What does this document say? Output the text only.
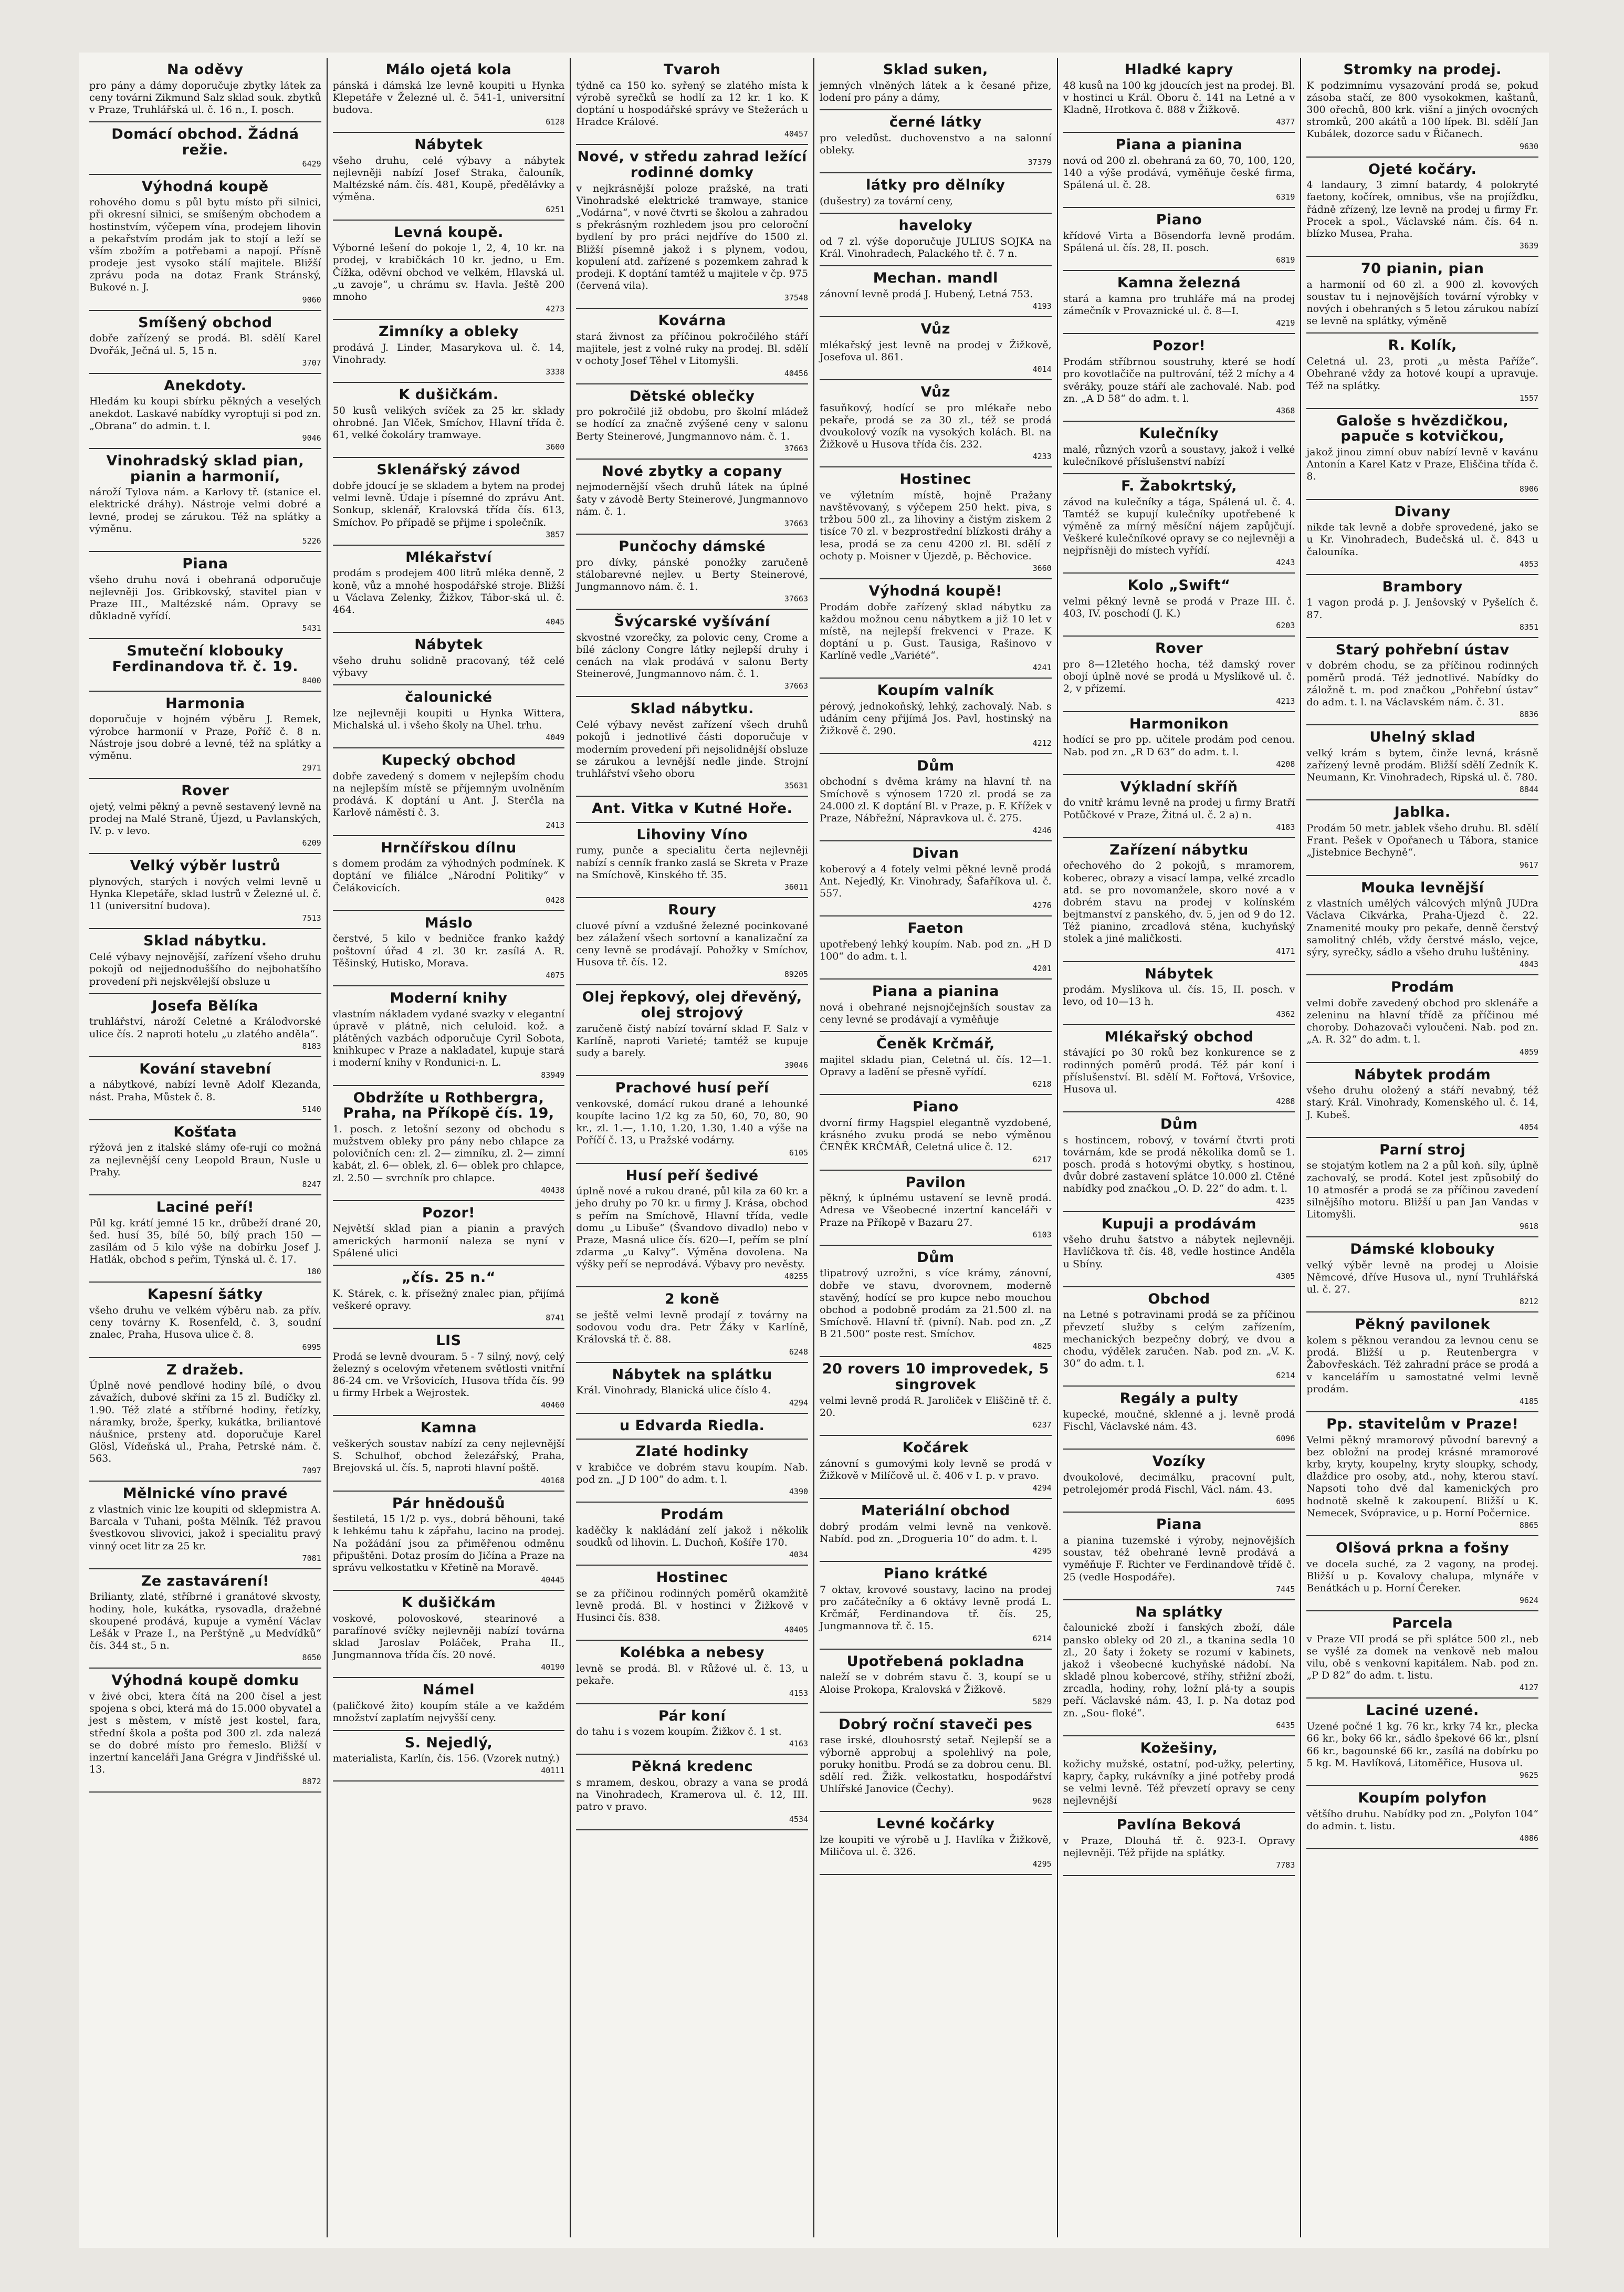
Na oděvy
pro pány a dámy doporučuje zbytky látek za ceny továrni Zikmund Salz sklad souk. zbytků v Praze, Truhlářská ul. č. 16 n., I. posch.
Domácí obchod. Žádná režie.
6429
Výhodná koupě
rohového domu s půl bytu místo při silnici, při okresní silnici, se smíšeným obchodem a hostinstvím, výčepem vína, prodejem lihovin a pekařstvím prodám jak to stojí a leží se vším zbožím a potřebami a napojí. Přísně prodeje jest vysoko stálí majitele. Bližší zprávu poda na dotaz Frank Stránský, Bukové n. J.
9060
Smíšený obchod
dobře zařízený se prodá. Bl. sdělí Karel Dvořák, Ječná ul. 5, 15 n.
3707
Anekdoty.
Hledám ku koupi sbírku pěkných a veselých anekdot. Laskavé nabídky vyroptuji si pod zn. „Obrana“ do admin. t. l.
9046
Vinohradský sklad pian, pianin a harmonií,
nároží Tylova nám. a Karlovy tř. (stanice el. elektrické dráhy). Nástroje velmi dobré a levné, prodej se zárukou. Též na splátky a výměnu.
5226
Piana
všeho druhu nová i obehraná odporučuje nejlevněji Jos. Gribkovský, stavitel pian v Praze III., Maltézské nám. Opravy se důkladně vyřídí.
5431
Smuteční klobouky Ferdinandova tř. č. 19.
8400
Harmonia
doporučuje v hojném výběru J. Remek, výrobce harmonií v Praze, Poříč č. 8 n. Nástroje jsou dobré a levné, též na splátky a výměnu.
2971
Rover
ojetý, velmi pěkný a pevně sestavený levně na prodej na Malé Straně, Újezd, u Pavlanských, IV. p. v levo.
6209
Velký výběr lustrů
plynových, starých i nových velmi levně u Hynka Klepetáře, sklad lustrů v Železné ul. č. 11 (universitní budova).
7513
Sklad nábytku.
Celé výbavy nejnovější, zařízení všeho druhu pokojů od nejjednoduššího do nejbohatšího provedení při nejskvělejší obsluze u
Josefa Bělíka
truhlářství, nároží Celetné a Králodvorské ulice čís. 2 naproti hotelu „u zlatého anděla“.
8183
Kování stavební
a nábytkové, nabízí levně Adolf Klezanda, nást. Praha, Můstek č. 8.
5140
Košťata
rýžová jen z italské slámy ofe-rují co možná za nejlevnější ceny Leopold Braun, Nusle u Prahy.
8247
Laciné peří!
Půl kg. krátí jemné 15 kr., drůbeží drané 20, šed. husí 35, bílé 50, bílý prach 150 — zasílám od 5 kilo výše na dobírku Josef J. Hatlák, obchod s peřím, Týnská ul. č. 17.
180
Kapesní šátky
všeho druhu ve velkém výběru nab. za přív. ceny továrny K. Rosenfeld, č. 3, soudní znalec, Praha, Husova ulice č. 8.
6995
Z dražeb.
Úplně nové pendlové hodiny bílé, o dvou závažích, dubové skříni za 15 zl. Budíčky zl. 1.90. Též zlaté a stříbrné hodiny, řetízky, náramky, brože, šperky, kukátka, briliantové náušnice, prsteny atd. doporučuje Karel Glösl, Vídeňská ul., Praha, Petrské nám. č. 563.
7097
Mělnické víno pravé
z vlastních vinic lze koupiti od sklepmistra A. Barcala v Tuhani, pošta Mělník. Též pravou švestkovou slivovici, jakož i specialitu pravý vinný ocet litr za 25 kr.
7081
Ze zastavárení!
Brilianty, zlaté, stříbrné i granátové skvosty, hodiny, hole, kukátka, rysovadla, dražebné skoupené prodává, kupuje a vymění Václav Lešák v Praze I., na Perštýně „u Medvídků“ čís. 344 st., 5 n.
8650
Výhodná koupě domku
v živé obci, ktera čítá na 200 čísel a jest spojena s obci, která má do 15.000 obyvatel a jest s městem, v místě jest kostel, fara, střední škola a pošta pod 300 zl. zda nalezá se do dobré místo pro řemeslo. Bližší v inzertní kanceláři Jana Grégra v Jindřišské ul. 13.
8872
Málo ojetá kola
pánská i dámská lze levně koupiti u Hynka Klepetáře v Železné ul. č. 541-1, universitní budova.
6128
Nábytek
všeho druhu, celé výbavy a nábytek nejlevněji nabízí Josef Straka, čalouník, Maltézské nám. čís. 481, Koupě, předělávky a výměna.
6251
Levná koupě.
Výborné lešení do pokoje 1, 2, 4, 10 kr. na prodej, v krabičkách 10 kr. jedno, u Em. Čížka, oděvní obchod ve velkém, Hlavská ul. „u zavoje“, u chrámu sv. Havla. Ještě 200 mnoho
4273
Zimníky a obleky
prodává J. Linder, Masarykova ul. č. 14, Vinohrady.
3338
K dušičkám.
50 kusů velikých svíček za 25 kr. sklady ohrobné. Jan Vlček, Smíchov, Hlavní třída č. 61, velké čokoláry tramwaye.
3600
Sklenářský závod
dobře jdoucí je se skladem a bytem na prodej velmi levně. Údaje i písemné do zprávu Ant. Sonkup, sklenář, Kralovská třída čís. 613, Smíchov. Po případě se přijme i společník.
3857
Mlékařství
prodám s prodejem 400 litrů mléka denně, 2 koně, vůz a mnohé hospodářské stroje. Bližší u Václava Zelenky, Žižkov, Tábor-ská ul. č. 464.
4045
Nábytek
všeho druhu solidně pracovaný, též celé výbavy
čalounické
lze nejlevněji koupiti u Hynka Wittera, Michalská ul. i všeho školy na Uhel. trhu.
4049
Kupecký obchod
dobře zavedený s domem v nejlepším chodu na nejlepším místě se příjemným uvolněním prodává. K doptání u Ant. J. Sterčla na Karlově náměstí č. 3.
2413
Hrnčířskou dílnu
s domem prodám za výhodných podmínek. K doptání ve filiálce „Národní Politiky“ v Čelákovicích.
0428
Máslo
čerstvé, 5 kilo v bedničce franko každý poštovní úřad 4 zl. 30 kr. zasílá A. R. Těšinský, Hutisko, Morava.
4075
Moderní knihy
vlastním nákladem vydané svazky v elegantní úpravě v plátně, nich celuloid. kož. a plátěných vazbách odporučuje Cyril Sobota, knihkupec v Praze a nakladatel, kupuje stará i moderní knihy v Rondunici-n. L.
83949
Obdržíte u Rothbergra, Praha, na Příkopě čís. 19,
1. posch. z letošní sezony od obchodu s mužstvem obleky pro pány nebo chlapce za polovičních cen: zl. 2— zimníku, zl. 2— zimní kabát, zl. 6— oblek, zl. 6— oblek pro chlapce, zl. 2.50 — svrchník pro chlapce.
40438
Pozor!
Největší sklad pian a pianin a pravých amerických harmonií naleza se nyní v Spálené ulici
„čís. 25 n.“
K. Stárek, c. k. přísežný znalec pian, přijímá veškeré opravy.
8741
LIS
Prodá se levně dvouram. 5 - 7 silný, nový, celý železný s ocelovým vřetenem světlosti vnitřní 86-24 cm. ve Vršovicích, Husova třída čís. 99 u firmy Hrbek a Wejrostek.
40460
Kamna
veškerých soustav nabízí za ceny nejlevnější S. Schulhof, obchod železářský, Praha, Brejovská ul. čís. 5, naproti hlavní poště.
40168
Pár hnědoušů
šestiletá, 15 1/2 p. vys., dobrá běhouni, také k lehkému tahu k zápřahu, lacino na prodej. Na požádání jsou za přiměřenou odměnu připuštěni. Dotaz prosím do Jičína a Praze na správu velkostatku v Křetině na Moravě.
40445
K dušičkám
voskové, polovoskové, stearinové a parafínové svíčky nejlevněji nabízí továrna sklad Jaroslav Poláček, Praha II., Jungmannova třída čís. 20 nové.
40190
Námel
(paličkové žito) koupím stále a ve každém množství zaplatím nejvyšší ceny.
S. Nejedlý,
materialista, Karlín, čís. 156. (Vzorek nutný.)
40111
Tvaroh
týdně ca 150 ko. syřený se zlatého místa k výrobě syrečků se hodlí za 12 kr. 1 ko. K doptání u hospodářské správy ve Stežerách u Hradce Králové.
40457
Nové, v středu zahrad ležící rodinné domky
v nejkrásnější poloze pražské, na trati Vinohradské elektrické tramwaye, stanice „Vodárna“, v nové čtvrti se školou a zahradou s překrásným rozhledem jsou pro celoroční bydlení by pro práci nejdříve do 1500 zl. Bližší písemně jakož i s plynem, vodou, kopulení atd. zařízené s pozemkem zahrad k prodeji. K doptání tamtéž u majitele v čp. 975 (červená vila).
37548
Kovárna
stará živnost za příčinou pokročilého stáří majitele, jest z volné ruky na prodej. Bl. sdělí v ochoty Josef Těhel v Litomyšli.
40456
Dětské oblečky
pro pokročilé již obdobu, pro školní mládež se hodící za značně zvýšené ceny v salonu Berty Steinerové, Jungmannovo nám. č. 1.
37663
Nové zbytky a copany
nejmodernější všech druhů látek na úplné šaty v závodě Berty Steinerové, Jungmannovo nám. č. 1.
37663
Punčochy dámské
pro dívky, pánské ponožky zaručeně stálobarevné nejlev. u Berty Steinerové, Jungmannovo nám. č. 1.
37663
Švýcarské vyšívání
skvostné vzorečky, za polovic ceny, Crome a bílé záclony Congre látky nejlepší druhy i cenách na vlak prodává v salonu Berty Steinerové, Jungmannovo nám. č. 1.
37663
Sklad nábytku.
Celé výbavy nevěst zařízení všech druhů pokojů i jednotlivé části doporučuje v moderním provedení při nejsolidnější obsluze se zárukou a levnější nedle jinde. Strojní truhlářství všeho oboru
35631
Ant. Vitka v Kutné Hoře.
Lihoviny Víno
rumy, punče a specialitu čerta nejlevněji nabízí s cenník franko zaslá se Skreta v Praze na Smíchově, Kinského tř. 35.
36011
Roury
cluové pívní a vzdušné železné pocinkované bez zálažení všech sortovní a kanalizační za ceny levně se prodávají. Pohožky v Smíchov, Husova tř. čís. 12.
89205
Olej řepkový, olej dřevěný, olej strojový
zaručeně čistý nabízí tovární sklad F. Salz v Karlíně, naproti Varieté; tamtéž se kupuje sudy a barely.
39046
Prachové husí peří
venkovské, domácí rukou drané a lehounké koupíte lacino 1/2 kg za 50, 60, 70, 80, 90 kr., zl. 1.—, 1.10, 1.20, 1.30, 1.40 a výše na Poříčí č. 13, u Pražské vodárny.
6105
Husí peří šedivé
úplně nové a rukou drané, půl kila za 60 kr. a jeho druhy po 70 kr. u firmy J. Krása, obchod s peřím na Smíchově, Hlavní třída, vedle domu „u Libuše“ (Švandovo divadlo) nebo v Praze, Masná ulice čís. 620—I, peřím se plní zdarma „u Kalvy“. Výměna dovolena. Na výšky peří se neprodává. Výbavy pro nevěsty.
40255
2 koně
se ještě velmi levně prodají z továrny na sodovou vodu dra. Petr Žáky v Karlíně, Královská tř. č. 88.
6248
Nábytek na splátku
Král. Vinohrady, Blanická ulice číslo 4.
4294
u Edvarda Riedla.
Zlaté hodinky
v krabičce ve dobrém stavu koupím. Nab. pod zn. „J D 100“ do adm. t. l.
4390
Prodám
kaděčky k nakládání zelí jakož i několik soudků od lihovin. L. Duchoň, Košíře 170.
4034
Hostinec
se za příčinou rodinných poměrů okamžitě levně prodá. Bl. v hostinci v Žižkově v Husinci čís. 838.
40405
Kolébka a nebesy
levně se prodá. Bl. v Růžové ul. č. 13, u pekaře.
4153
Pár koní
do tahu i s vozem koupím. Žižkov č. 1 st.
4163
Pěkná kredenc
s mramem, deskou, obrazy a vana se prodá na Vinohradech, Kramerova ul. č. 12, III. patro v pravo.
4534
Sklad suken,
jemných vlněných látek a k česané přize, lodení pro pány a dámy,
černé látky
pro veledůst. duchovenstvo a na salonní obleky.
37379
látky pro dělníky
(dušestry) za tovární ceny,
haveloky
od 7 zl. výše doporučuje JULIUS SOJKA na Král. Vinohradech, Palackého tř. č. 7 n.
Mechan. mandl
zánovní levně prodá J. Hubený, Letná 753.
4193
Vůz
mlékařský jest levně na prodej v Žižkově, Josefova ul. 861.
4014
Vůz
fasuňkový, hodící se pro mlékaře nebo pekaře, prodá se za 30 zl., též se prodá dvoukolový vozík na vysokých kolách. Bl. na Žižkově u Husova třída čís. 232.
4233
Hostinec
ve výletním místě, hojně Pražany navštěvovaný, s výčepem 250 hekt. piva, s tržbou 500 zl., za lihoviny a čistým ziskem 2 tisíce 70 zl. v bezprostřední blízkosti dráhy a lesa, prodá se za cenu 4200 zl. Bl. sdělí z ochoty p. Moisner v Újezdě, p. Běchovice.
3660
Výhodná koupě!
Prodám dobře zařízený sklad nábytku za každou možnou cenu nábytkem a již 10 let v místě, na nejlepší frekvenci v Praze. K doptání u p. Gust. Tausiga, Rašinovo v Karlíně vedle „Variété“.
4241
Koupím valník
pérový, jednokoňský, lehký, zachovalý. Nab. s udáním ceny přijímá Jos. Pavl, hostinský na Žižkově č. 290.
4212
Dům
obchodní s dvěma krámy na hlavní tř. na Smíchově s výnosem 1720 zl. prodá se za 24.000 zl. K doptání Bl. v Praze, p. F. Křížek v Praze, Nábřežní, Nápravkova ul. č. 275.
4246
Divan
koberový a 4 fotely velmi pěkné levně prodá Ant. Nejedlý, Kr. Vinohrady, Šafaříkova ul. č. 557.
4276
Faeton
upotřebený lehký koupím. Nab. pod zn. „H D 100“ do adm. t. l.
4201
Piana a pianina
nová i obehrané nejsnojčejnších soustav za ceny levné se prodávají a vyměňuje
Čeněk Krčmář,
majitel skladu pian, Celetná ul. čís. 12—1. Opravy a ladění se přesně vyřídí.
6218
Piano
dvorní firmy Hagspiel elegantně vyzdobené, krásného zvuku prodá se nebo výměnou ČENĚK KRČMÁŘ, Celetná ulice č. 12.
6217
Pavilon
pěkný, k úplnému ustavení se levně prodá. Adresa ve Všeobecné inzertní kanceláři v Praze na Příkopě v Bazaru 27.
6103
Dům
tlipatrový uzrožni, s více krámy, zánovní, dobře ve stavu, dvorovnem, moderně stavěný, hodící se pro kupce nebo mouchou obchod a podobně prodám za 21.500 zl. na Smíchově. Hlavní tř. (pivní). Nab. pod zn. „Z B 21.500“ poste rest. Smíchov.
4825
20 rovers 10 improvedek, 5 singrovek
velmi levně prodá R. Jaroliček v Eliščině tř. č. 20.
6237
Kočárek
zánovní s gumovými koly levně se prodá v Žižkově v Milíčově ul. č. 406 v I. p. v pravo.
4294
Materiální obchod
dobrý prodám velmi levně na venkově. Nabíd. pod zn. „Drogueria 10“ do adm. t. l.
4295
Piano krátké
7 oktav, krovové soustavy, lacino na prodej pro začátečníky a 6 oktávy levně prodá L. Krčmář, Ferdinandova tř. čís. 25, Jungmannova tř. č. 15.
6214
Upotřebená pokladna
naleží se v dobrém stavu č. 3, koupí se u Aloise Prokopa, Kralovská v Žižkově.
5829
Dobrý roční staveči pes
rase irské, dlouhosrstý setař. Nejlepší se a výborně approbuj a spolehlivý na pole, poruky honitbu. Prodá se za dobrou cenu. Bl. sdělí red. Žižk. velkostatku, hospodářství Uhlířské Janovice (Čechy).
9628
Levné kočárky
lze koupiti ve výrobě u J. Havlíka v Žižkově, Miličova ul. č. 326.
4295
Hladké kapry
48 kusů na 100 kg jdoucích jest na prodej. Bl. v hostinci u Král. Oboru č. 141 na Letné a v Kladně, Hrotkova č. 888 v Žižkově.
4377
Piana a pianina
nová od 200 zl. obehraná za 60, 70, 100, 120, 140 a výše prodává, vyměňuje české firma, Spálená ul. č. 28.
6319
Piano
křídové Virta a Bösendorfa levně prodám. Spálená ul. čís. 28, II. posch.
6819
Kamna železná
stará a kamna pro truhláře má na prodej zámečník v Provaznické ul. č. 8—I.
4219
Pozor!
Prodám stříbrnou soustruhy, které se hodí pro kovotlačiče na pultrování, též 2 míchy a 4 svěráky, pouze stáří ale zachovalé. Nab. pod zn. „A D 58“ do adm. t. l.
4368
Kulečníky
malé, různých vzorů a soustavy, jakož i velké kulečníkové příslušenství nabízí
F. Žabokrtský,
závod na kulečníky a tága, Spálená ul. č. 4. Tamtéž se kupují kulečníky upotřebené k výměně za mírný měsíční nájem zapůjčují. Veškeré kulečníkové opravy se co nejlevněji a nejpřísněji do místech vyřídí.
4243
Kolo „Swift“
velmi pěkný levně se prodá v Praze III. č. 403, IV. poschodí (J. K.)
6203
Rover
pro 8—12letého hocha, též damský rover obojí úplně nové se prodá u Myslíkově ul. č. 2, v přízemí.
4213
Harmonikon
hodící se pro pp. učitele prodám pod cenou. Nab. pod zn. „R D 63“ do adm. t. l.
4208
Výkladní skříň
do vnitř krámu levně na prodej u firmy Bratří Potůčkové v Praze, Žitná ul. č. 2 a) n.
4183
Zařízení nábytku
ořechového do 2 pokojů, s mramorem, koberec, obrazy a visací lampa, velké zrcadlo atd. se pro novomanžele, skoro nové a v dobrém stavu na prodej v kolínském bejtmanství z panského, dv. 5, jen od 9 do 12. Též pianino, zrcadlová stěna, kuchyňský stolek a jiné maličkosti.
4171
Nábytek
prodám. Myslíkova ul. čís. 15, II. posch. v levo, od 10—13 h.
4362
Mlékařský obchod
stávající po 30 roků bez konkurence se z rodinných poměrů prodá. Též pár koní i příslušenství. Bl. sdělí M. Fořtová, Vršovice, Husova ul.
4288
Dům
s hostincem, robový, v tovární čtvrti proti továrnám, kde se prodá několika domů se 1. posch. prodá s hotovými obytky, s hostinou, dvůr dobré zastavení splátce 10.000 zl. Ctěné nabídky pod značkou „O. D. 22“ do adm. t. l.
4235
Kupuji a prodávám
všeho druhu šatstvo a nábytek nejlevněji. Havlíčkova tř. čís. 48, vedle hostince Anděla u Sbíny.
4305
Obchod
na Letné s potravinami prodá se za příčinou převzetí služby s celým zařízením, mechanických bezpečny dobrý, ve dvou a chodu, výdělek zaručen. Nab. pod zn. „V. K. 30“ do adm. t. l.
6214
Regály a pulty
kupecké, moučné, sklenné a j. levně prodá Fischl, Václavské nám. 43.
6096
Vozíky
dvoukolové, decimálku, pracovní pult, petrolejomér prodá Fischl, Václ. nám. 43.
6095
Piana
a pianina tuzemské i výroby, nejnovějších soustav, též obehrané levně prodává a vyměňuje F. Richter ve Ferdinandově třídě č. 25 (vedle Hospodáře).
7445
Na splátky
čalounické zboží i fanských zboží, dále pansko obleky od 20 zl., a tkanina sedla 10 zl., 20 šaty i žokety se rozumí v kabinets, jakož i všeobecné kuchyňské nádobí. Na skladě plnou kobercové, stříhy, střižní zboží, zrcadla, hodiny, rohy, ložní plá-ty a soupis peří. Václavské nám. 43, I. p. Na dotaz pod zn. „Sou- floké“.
6435
Kožešiny,
kožichy mužské, ostatní, pod-užky, pelertiny, kapry, čapky, rukávníky a jiné potřeby prodá se velmi levně. Též převzetí opravy se ceny nejlevnější
Pavlína Beková
v Praze, Dlouhá tř. č. 923-I. Opravy nejlevněji. Též přijde na splátky.
7783
Stromky na prodej.
K podzimnímu vysazování prodá se, pokud zásoba stačí, ze 800 vysokokmen, kaštanů, 300 ořechů, 800 krk. višní a jiných ovocných stromků, 200 akátů a 100 lípek. Bl. sdělí Jan Kubálek, dozorce sadu v Řičanech.
9630
Ojeté kočáry.
4 landaury, 3 zimní batardy, 4 polokryté faetony, kočírek, omnibus, vše na projížďku, řádně zřízený, lze levně na prodej u firmy Fr. Procek a spol., Václavské nám. čís. 64 n. blízko Musea, Praha.
3639
70 pianin, pian
a harmonií od 60 zl. a 900 zl. kovových soustav tu i nejnovějších tovární výrobky v nových i obehraných s 5 letou zárukou nabízí se levně na splátky, výměně
R. Kolík,
Celetná ul. 23, proti „u města Paříže“. Obehrané vždy za hotové koupí a upravuje. Též na splátky.
1557
Galoše s hvězdičkou, papuče s kotvičkou,
jakož jinou zimní obuv nabízí levně v kavánu Antonín a Karel Katz v Praze, Eliščina třída č. 8.
8906
Divany
nikde tak levně a dobře sprovedené, jako se u Kr. Vinohradech, Budečská ul. č. 843 u čalouníka.
4053
Brambory
1 vagon prodá p. J. Jenšovský v Pyšelích č. 87.
8351
Starý pohřební ústav
v dobrém chodu, se za příčinou rodinných poměrů prodá. Též jednotlivé. Nabídky do záložně t. m. pod značkou „Pohřební ústav“ do adm. t. l. na Václavském nám. č. 31.
8836
Uhelný sklad
velký krám s bytem, činže levná, krásně zařízený levně prodám. Bližší sdělí Zedník K. Neumann, Kr. Vinohradech, Ripská ul. č. 780.
8844
Jablka.
Prodám 50 metr. jablek všeho druhu. Bl. sdělí Frant. Pešek v Opořanech u Tábora, stanice „Jistebnice Bechyně“.
9617
Mouka levnější
z vlastních umělých válcových mlýnů JUDra Václava Cikvárka, Praha-Újezd č. 22. Znamenité mouky pro pekaře, denně čerstvý samolitný chléb, vždy čerstvé máslo, vejce, sýry, syrečky, sádlo a všeho druhu luštěniny.
4043
Prodám
velmi dobře zavedený obchod pro sklenáře a zeleninu na hlavní třídě za příčinou mé choroby. Dohazovači vyloučeni. Nab. pod zn. „A. R. 32“ do adm. t. l.
4059
Nábytek prodám
všeho druhu oložený a stáří nevabný, též starý. Král. Vinohrady, Komenského ul. č. 14, J. Kubeš.
4054
Parní stroj
se stojatým kotlem na 2 a půl koň. síly, úplně zachovalý, se prodá. Kotel jest způsobilý do 10 atmosfér a prodá se za příčinou zavedení silnějšího motoru. Bližší u pan Jan Vandas v Litomyšli.
9618
Dámské klobouky
velký výběr levně na prodej u Aloisie Němcové, dříve Husova ul., nyní Truhlářská ul. č. 27.
8212
Pěkný pavilonek
kolem s pěknou verandou za levnou cenu se prodá. Bližší u p. Reutenbergra v Žabovřeskách. Též zahradní práce se prodá a v kancelářím u samostatné velmi levně prodám.
4185
Pp. stavitelům v Praze!
Velmi pěkný mramorový původní barevný a bez obložní na prodej krásné mramorové krby, kryty, koupelny, kryty sloupky, schody, dlaždice pro osoby, atd., nohy, kterou staví. Napsoti toho dvě dal kamenických pro hodnotě skelně k zakoupení. Bližší u K. Nemecek, Svópravice, u p. Horní Počernice.
8865
Olšová prkna a fošny
ve docela suché, za 2 vagony, na prodej. Bližší u p. Kovalovy chalupa, mlynáře v Benátkách u p. Horní Čereker.
9624
Parcela
v Praze VII prodá se při splátce 500 zl., neb se vyšlé za domek na venkově neb malou vilu, obě s venkovní kapitálem. Nab. pod zn. „P D 82“ do adm. t. listu.
4127
Laciné uzené.
Uzené počné 1 kg. 76 kr., krky 74 kr., plecka 66 kr., boky 66 kr., sádlo špekové 66 kr., plsní 66 kr., bagounské 66 kr., zasílá na dobírku po 5 kg. M. Havlíková, Litoměřice, Husova ul.
9625
Koupím polyfon
většího druhu. Nabídky pod zn. „Polyfon 104“ do admin. t. listu.
4086
